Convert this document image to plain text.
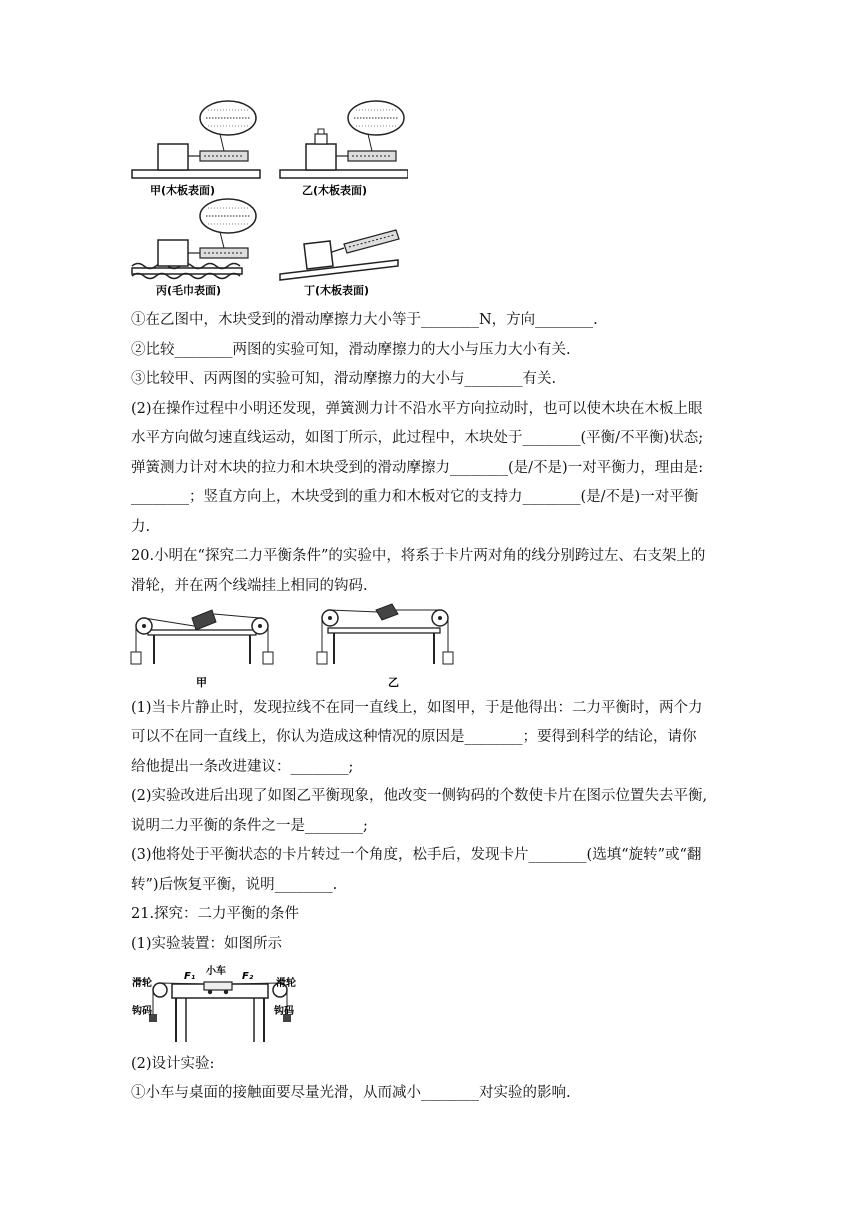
甲(木板表面)	乙(木板表面)
丙(毛巾表面)	丁(木板表面)

①在乙图中，木块受到的滑动摩擦力大小等于________N，方向________.

②比较________两图的实验可知，滑动摩擦力的大小与压力大小有关.

③比较甲、丙两图的实验可知，滑动摩擦力的大小与________有关.

(2)在操作过程中小明还发现，弹簧测力计不沿水平方向拉动时，也可以使木块在木板上眼

水平方向做匀速直线运动，如图丁所示，此过程中，木块处于________(平衡/不平衡)状态;

弹簧测力计对木块的拉力和木块受到的滑动摩擦力________(是/不是)一对平衡力，理由是:

________；竖直方向上，木块受到的重力和木板对它的支持力________(是/不是)一对平衡

力.

20.小明在“探究二力平衡条件”的实验中，将系于卡片两对角的线分别跨过左、右支架上的

滑轮，并在两个线端挂上相同的钩码.

甲	乙

(1)当卡片静止时，发现拉线不在同一直线上，如图甲，于是他得出：二力平衡时，两个力

可以不在同一直线上，你认为造成这种情况的原因是________；要得到科学的结论，请你

给他提出一条改进建议：________;

(2)实验改进后出现了如图乙平衡现象，他改变一侧钩码的个数使卡片在图示位置失去平衡,

说明二力平衡的条件之一是________;

(3)他将处于平衡状态的卡片转过一个角度，松手后，发现卡片________(选填“旋转”或“翻

转”)后恢复平衡，说明________.

21.探究：二力平衡的条件

(1)实验装置：如图所示

小车
F₁	F₂
滑轮	滑轮
钩码	钩码

(2)设计实验:

①小车与桌面的接触面要尽量光滑，从而减小________对实验的影响.
